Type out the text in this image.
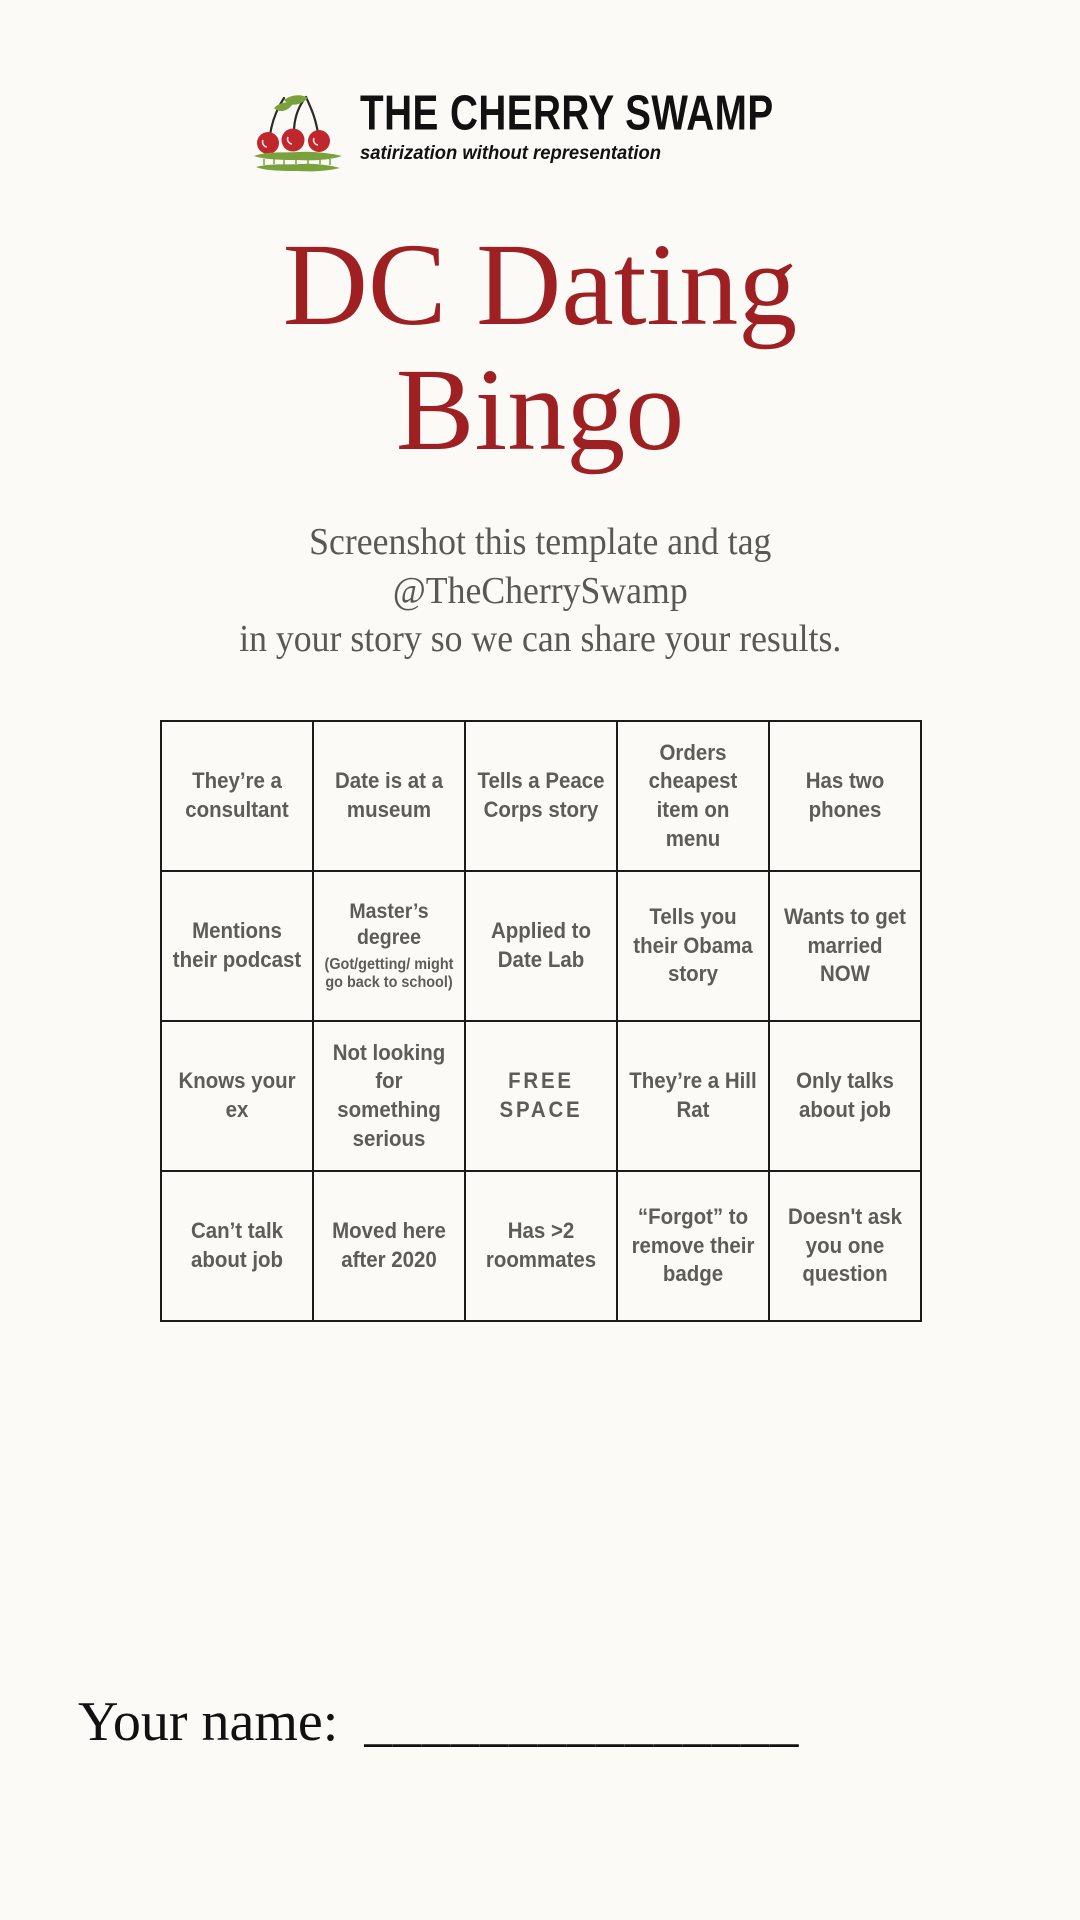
THE CHERRY SWAMP
satirization without representation
DC Dating Bingo
Screenshot this template and tag
@TheCherrySwamp
in your story so we can share your results.
They’re a consultant	Date is at a museum	Tells a Peace Corps story	Orders cheapest item on menu	Has two phones

Mentions their podcast	Master’s degree
(Got/getting/ might go back to school)	Applied to Date Lab	Tells you their Obama story	Wants to get married NOW

Knows your ex	Not looking for something serious	FREE SPACE	They’re a Hill Rat	Only talks about job

Can’t talk about job	Moved here after 2020	Has >2 roommates	“Forgot” to remove their badge	Doesn't ask you one question
Your name: _______________
